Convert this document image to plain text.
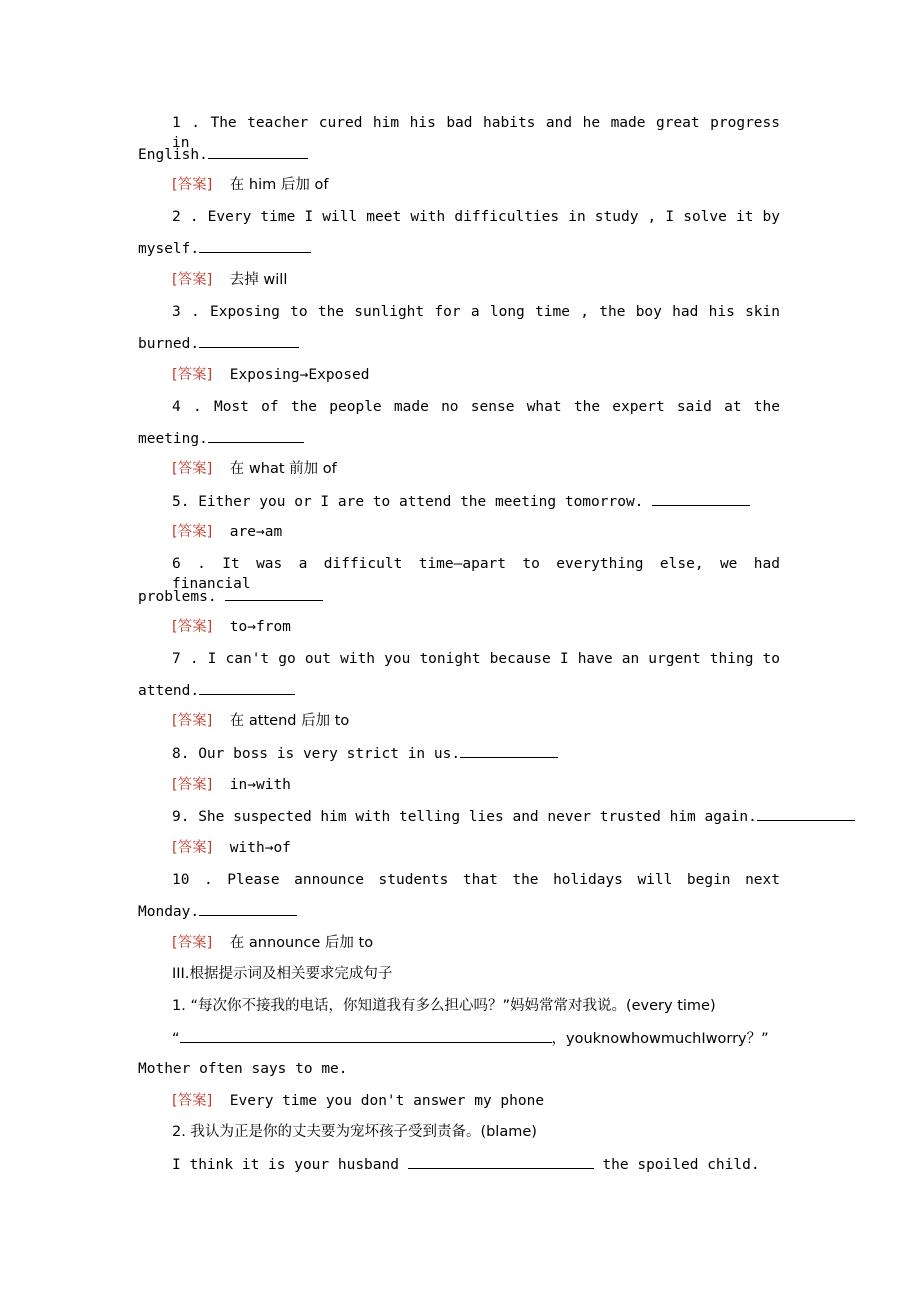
1 . The teacher cured him his bad habits and he made great progress in
English.
[答案] 在 him 后加 of
2 . Every time I will meet with difficulties in study , I solve it by
myself.
[答案] 去掉 will
3 . Exposing to the sunlight for a long time , the boy had his skin
burned.
[答案] Exposing→Exposed
4 . Most of the people made no sense what the expert said at the
meeting.
[答案] 在 what 前加 of
5. Either you or I are to attend the meeting tomorrow.
[答案] are→am
6 . It was a difficult time—apart to everything else, we had financial
problems.
[答案] to→from
7 . I can't go out with you tonight because I have an urgent thing to
attend.
[答案] 在 attend 后加 to
8. Our boss is very strict in us.
[答案] in→with
9. She suspected him with telling lies and never trusted him again.
[答案] with→of
10 . Please announce students that the holidays will begin next
Monday.
[答案] 在 announce 后加 to
III.根据提示词及相关要求完成句子
1. “每次你不接我的电话，你知道我有多么担心吗？”妈妈常常对我说。(every time)
“	，youknowhowmuchIworry？”
Mother often says to me.
[答案] Every time you don't answer my phone
2. 我认为正是你的丈夫要为宠坏孩子受到责备。(blame)
I think it is your husband	the spoiled child.
